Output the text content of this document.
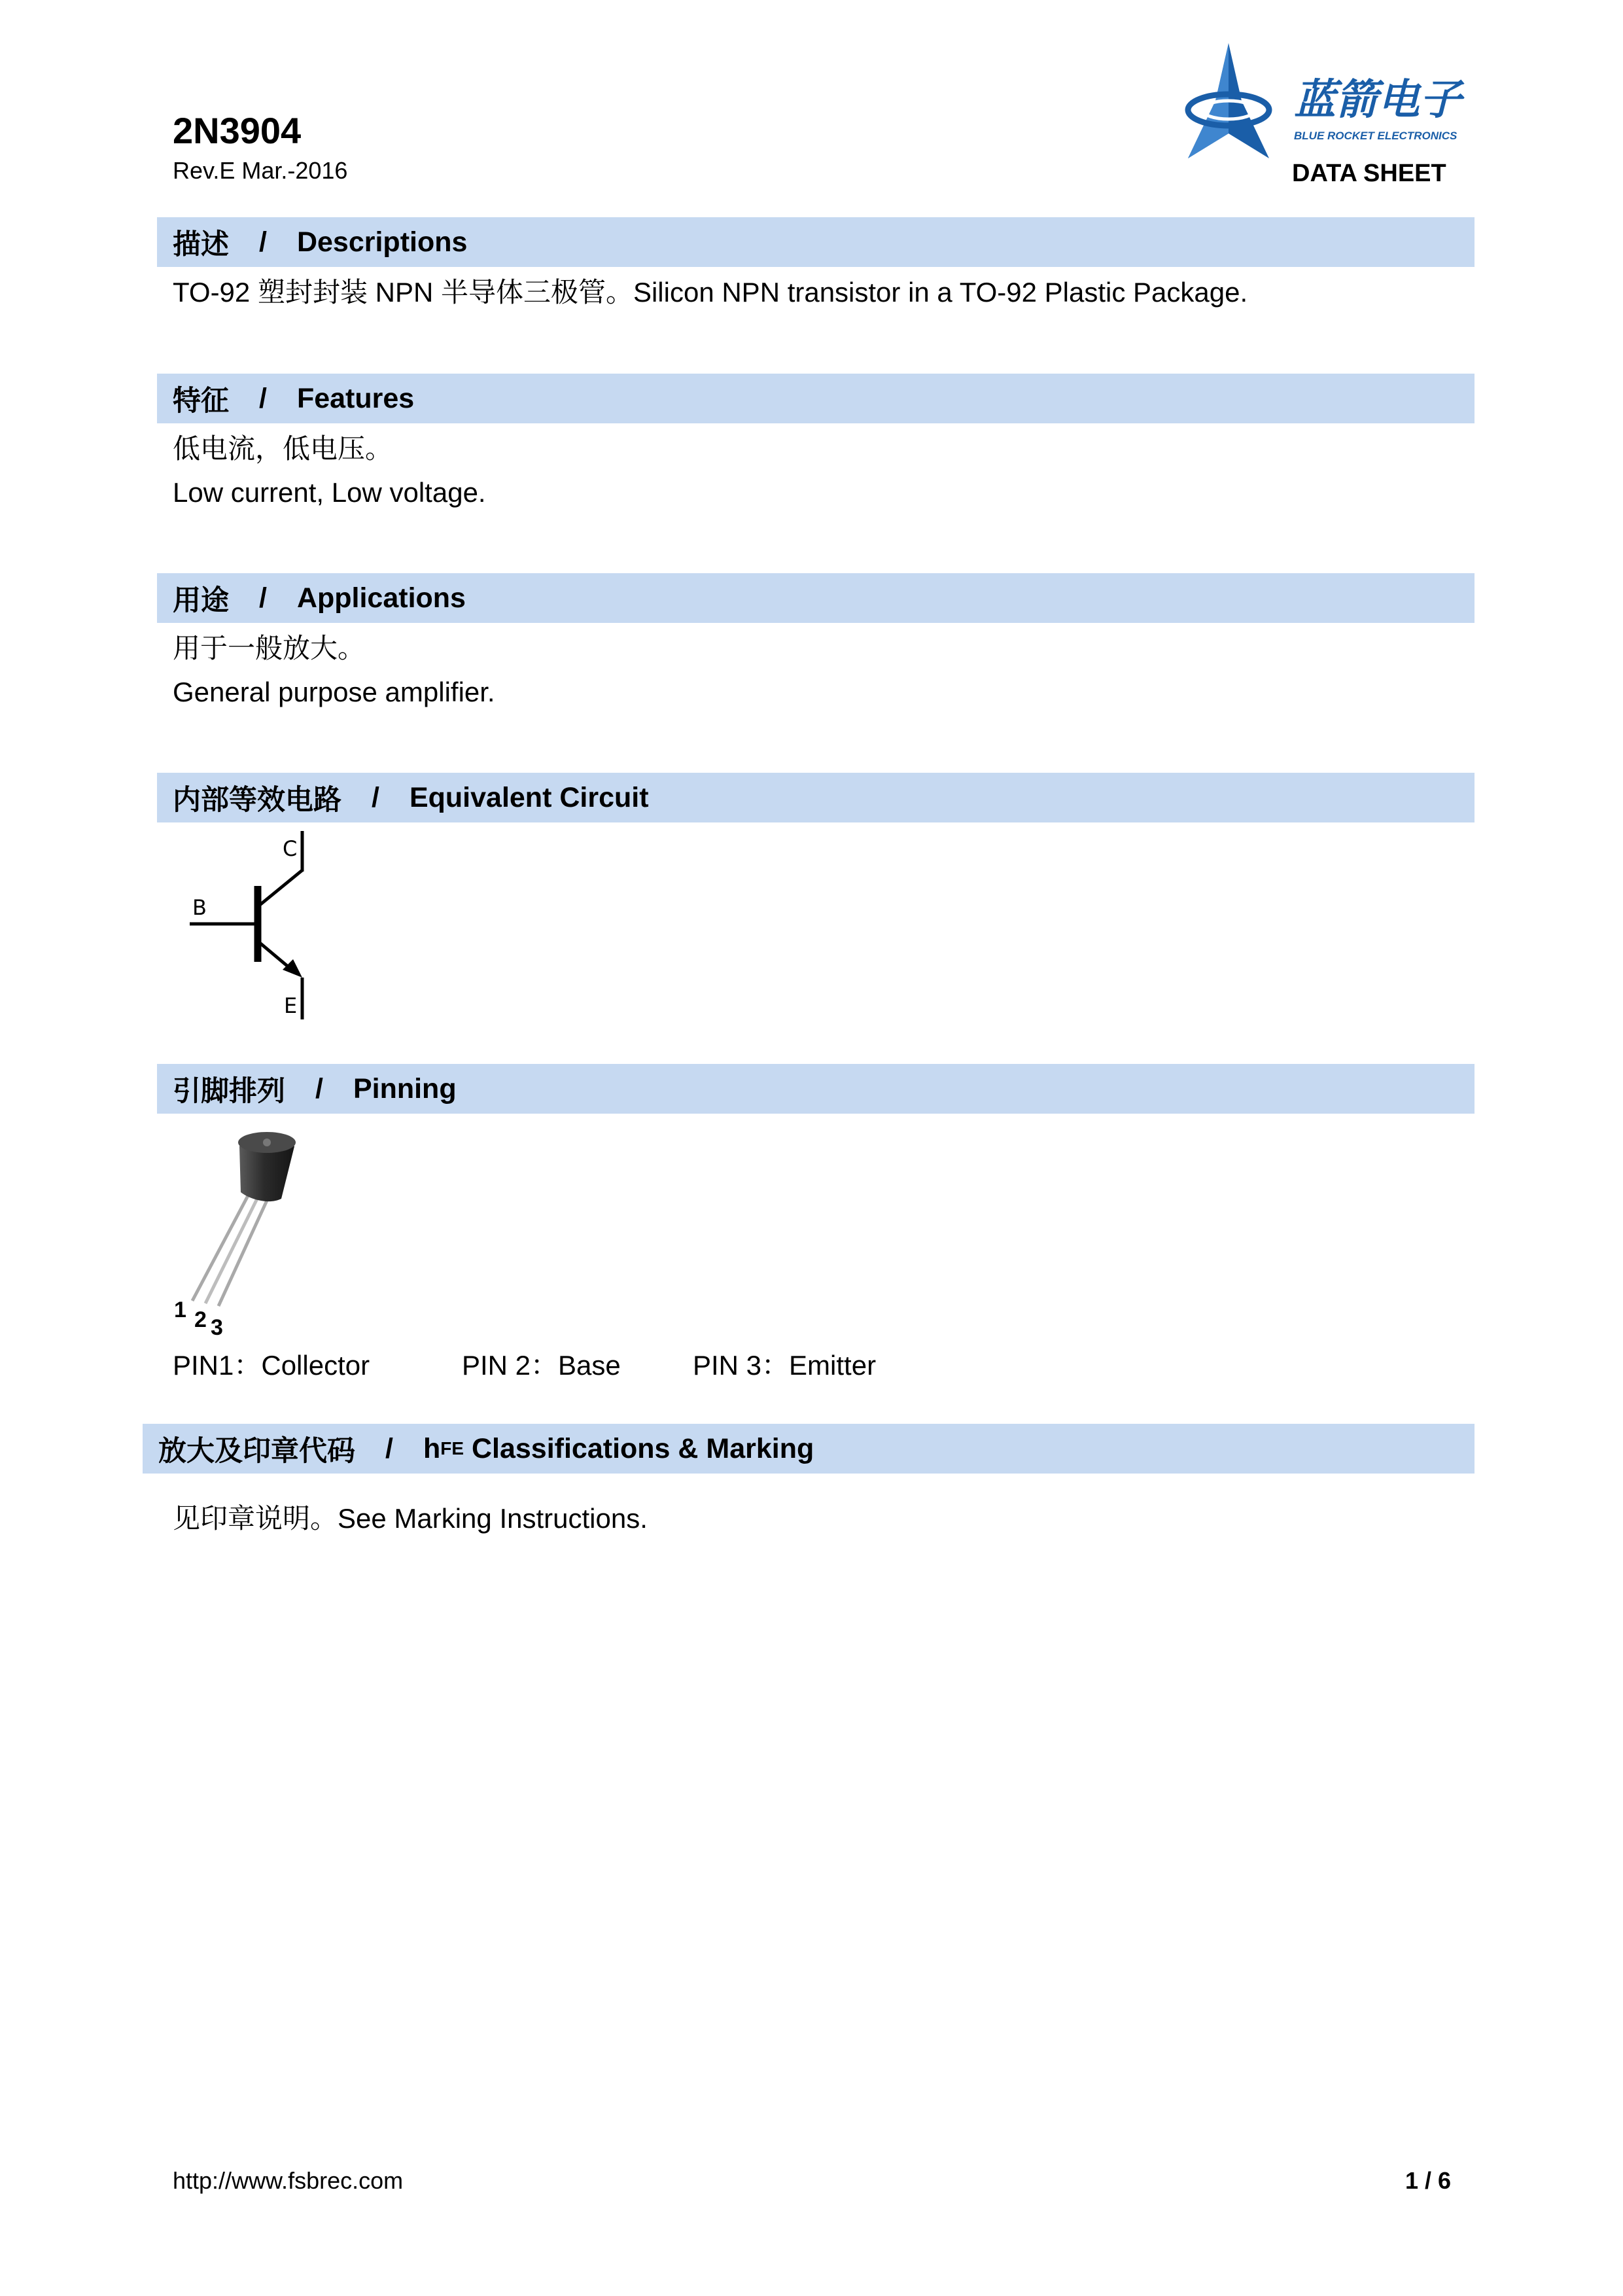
2N3904
Rev.E Mar.-2016
蓝箭电子
BLUE ROCKET ELECTRONICS
DATA SHEET
描述 / Descriptions
TO-92 塑封封装 NPN 半导体三极管。Silicon NPN transistor in a TO-92 Plastic Package.
特征 / Features
低电流，低电压。
Low current, Low voltage.
用途 / Applications
用于一般放大。
General purpose amplifier.
内部等效电路 / Equivalent Circuit
C
B
E
引脚排列 / Pinning
1 2 3
PIN1：Collector	PIN 2：Base	PIN 3：Emitter
放大及印章代码 / h FE Classifications & Marking
见印章说明。See Marking Instructions.
http://www.fsbrec.com	1 / 6
